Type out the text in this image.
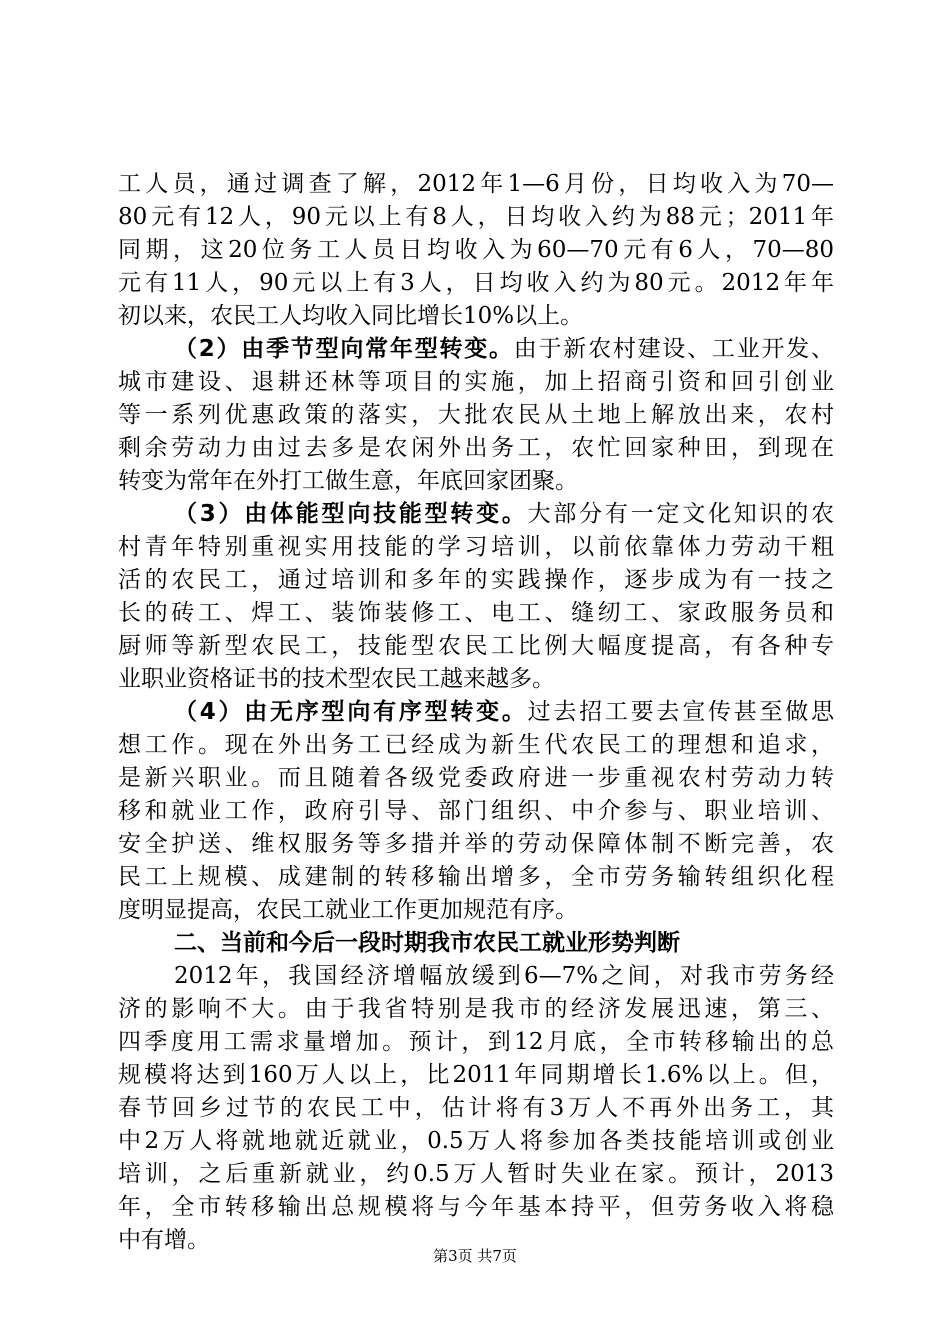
工人员，通过调查了解，2012年1—6月份，日均收入为70—
80元有12人，90元以上有8人，日均收入约为88元；2011年
同期，这20位务工人员日均收入为60—70元有6人，70—80
元有11人，90元以上有3人，日均收入约为80元。2012年年
初以来，农民工人均收入同比增长10%以上。
（2）由季节型向常年型转变。由于新农村建设、工业开发、
城市建设、退耕还林等项目的实施，加上招商引资和回引创业
等一系列优惠政策的落实，大批农民从土地上解放出来，农村
剩余劳动力由过去多是农闲外出务工，农忙回家种田，到现在
转变为常年在外打工做生意，年底回家团聚。
（3）由体能型向技能型转变。大部分有一定文化知识的农
村青年特别重视实用技能的学习培训，以前依靠体力劳动干粗
活的农民工，通过培训和多年的实践操作，逐步成为有一技之
长的砖工、焊工、装饰装修工、电工、缝纫工、家政服务员和
厨师等新型农民工，技能型农民工比例大幅度提高，有各种专
业职业资格证书的技术型农民工越来越多。
（4）由无序型向有序型转变。过去招工要去宣传甚至做思
想工作。现在外出务工已经成为新生代农民工的理想和追求，
是新兴职业。而且随着各级党委政府进一步重视农村劳动力转
移和就业工作，政府引导、部门组织、中介参与、职业培训、
安全护送、维权服务等多措并举的劳动保障体制不断完善，农
民工上规模、成建制的转移输出增多，全市劳务输转组织化程
度明显提高，农民工就业工作更加规范有序。
二、当前和今后一段时期我市农民工就业形势判断
2012年，我国经济增幅放缓到6—7%之间，对我市劳务经
济的影响不大。由于我省特别是我市的经济发展迅速，第三、
四季度用工需求量增加。预计，到12月底，全市转移输出的总
规模将达到160万人以上，比2011年同期增长1.6%以上。但，
春节回乡过节的农民工中，估计将有3万人不再外出务工，其
中2万人将就地就近就业，0.5万人将参加各类技能培训或创业
培训，之后重新就业，约0.5万人暂时失业在家。预计，2013
年，全市转移输出总规模将与今年基本持平，但劳务收入将稳
中有增。
第3页 共7页
